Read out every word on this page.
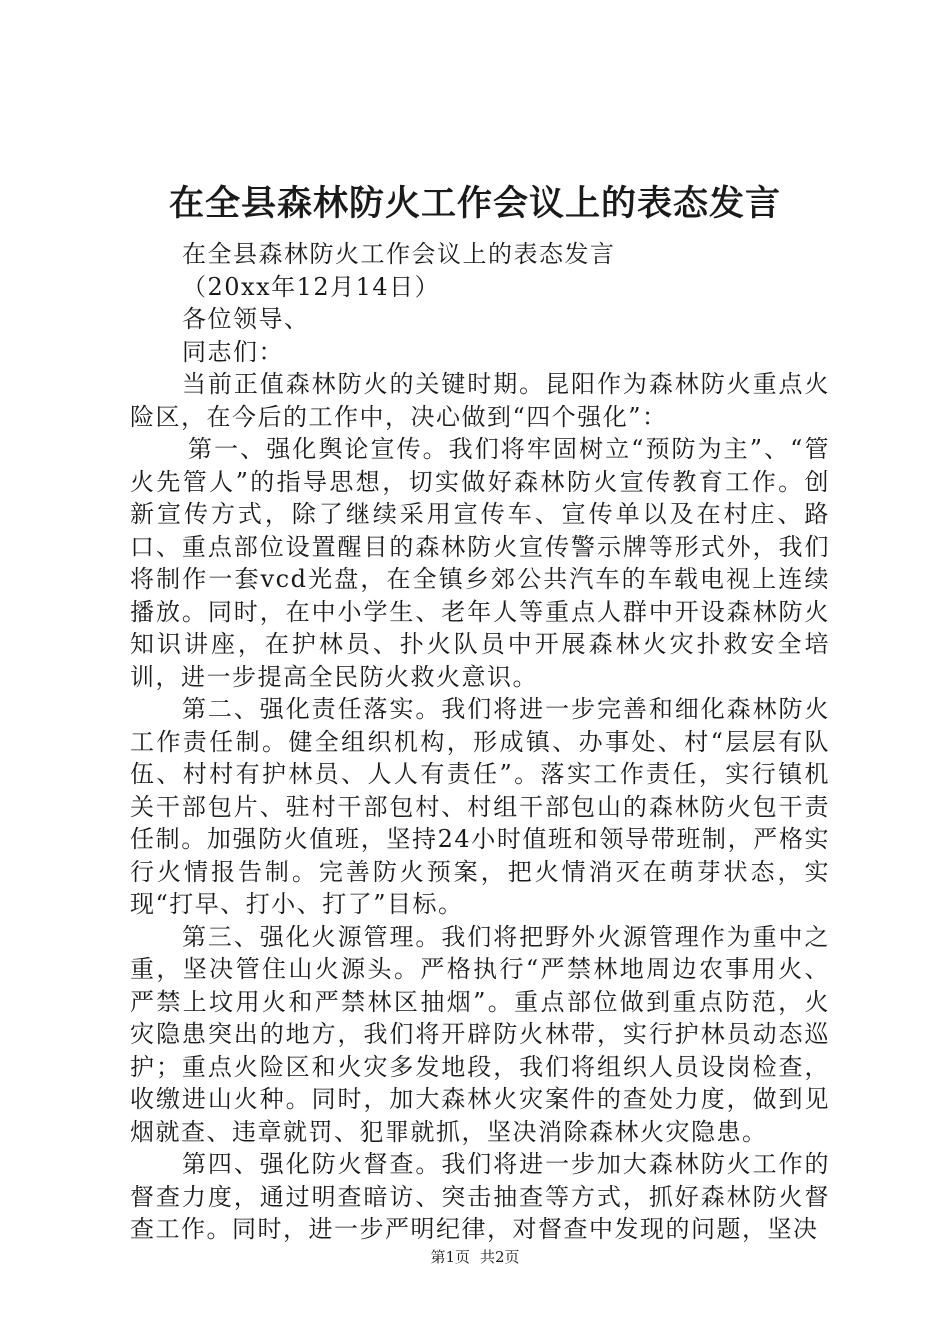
在全县森林防火工作会议上的表态发言

在全县森林防火工作会议上的表态发言

（20xx年12月14日）

各位领导、

同志们：

当前正值森林防火的关键时期。昆阳作为森林防火重点火险区，在今后的工作中，决心做到“四个强化”：

第一、强化舆论宣传。我们将牢固树立“预防为主”、“管火先管人”的指导思想，切实做好森林防火宣传教育工作。创新宣传方式，除了继续采用宣传车、宣传单以及在村庄、路口、重点部位设置醒目的森林防火宣传警示牌等形式外，我们将制作一套vcd光盘，在全镇乡郊公共汽车的车载电视上连续播放。同时，在中小学生、老年人等重点人群中开设森林防火知识讲座，在护林员、扑火队员中开展森林火灾扑救安全培训，进一步提高全民防火救火意识。

第二、强化责任落实。我们将进一步完善和细化森林防火工作责任制。健全组织机构，形成镇、办事处、村“层层有队伍、村村有护林员、人人有责任”。落实工作责任，实行镇机关干部包片、驻村干部包村、村组干部包山的森林防火包干责任制。加强防火值班，坚持24小时值班和领导带班制，严格实行火情报告制。完善防火预案，把火情消灭在萌芽状态，实现“打早、打小、打了”目标。

第三、强化火源管理。我们将把野外火源管理作为重中之重，坚决管住山火源头。严格执行“严禁林地周边农事用火、严禁上坟用火和严禁林区抽烟”。重点部位做到重点防范，火灾隐患突出的地方，我们将开辟防火林带，实行护林员动态巡护；重点火险区和火灾多发地段，我们将组织人员设岗检查，收缴进山火种。同时，加大森林火灾案件的查处力度，做到见烟就查、违章就罚、犯罪就抓，坚决消除森林火灾隐患。

第四、强化防火督查。我们将进一步加大森林防火工作的督查力度，通过明查暗访、突击抽查等方式，抓好森林防火督查工作。同时，进一步严明纪律，对督查中发现的问题，坚决

第1页 共2页
